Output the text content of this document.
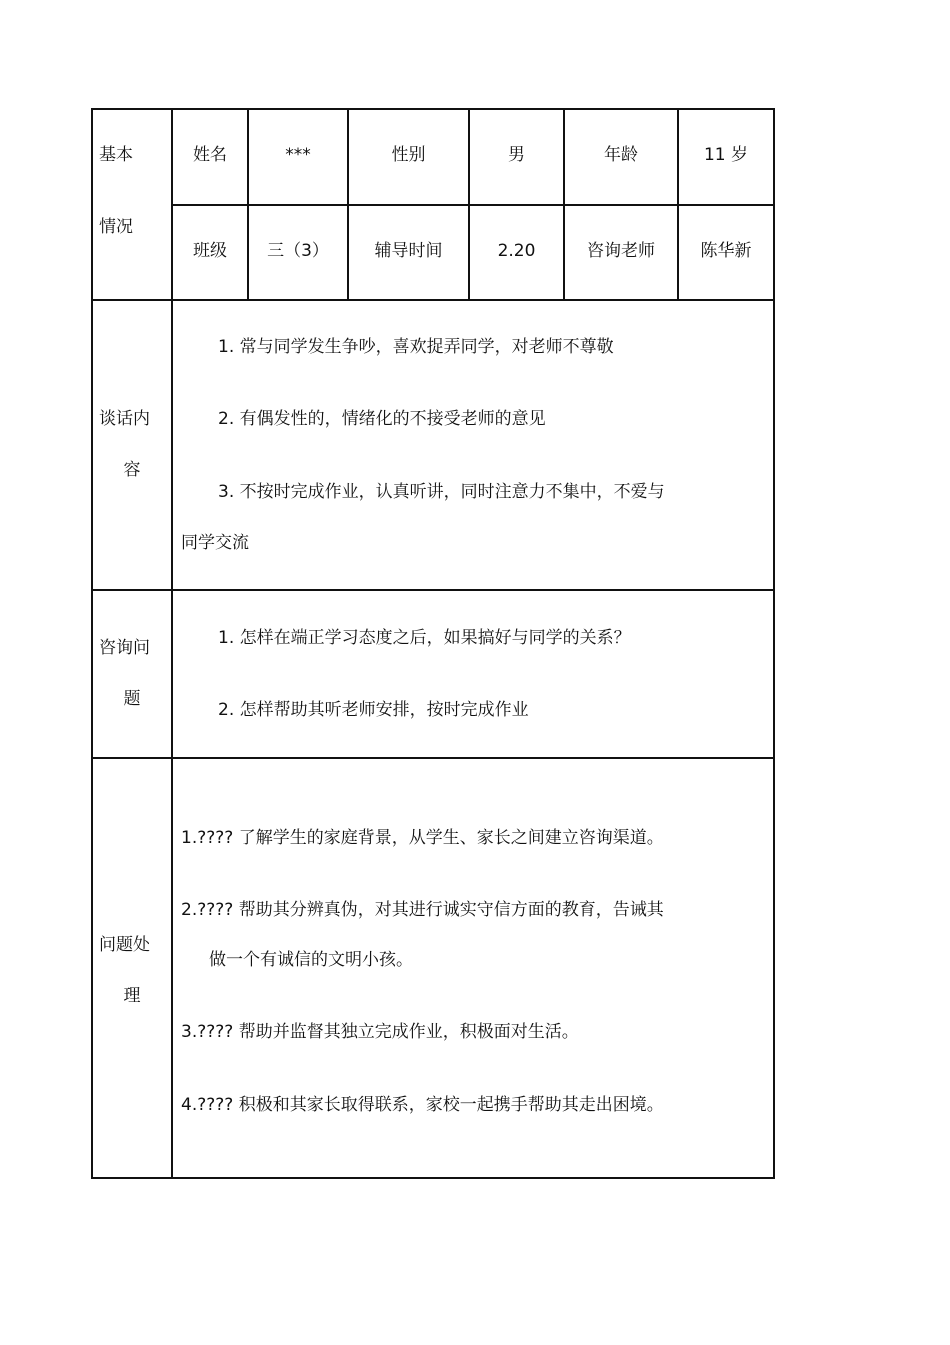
基本
情况
姓名	***	性别	男	年龄	11 岁
班级	三（3）	辅导时间	2.20	咨询老师	陈华新
谈话内
容
1. 常与同学发生争吵，喜欢捉弄同学，对老师不尊敬
2. 有偶发性的，情绪化的不接受老师的意见
3. 不按时完成作业，认真听讲，同时注意力不集中，不爱与
同学交流
咨询问
题
1. 怎样在端正学习态度之后，如果搞好与同学的关系？
2. 怎样帮助其听老师安排，按时完成作业
问题处
理
1.???? 了解学生的家庭背景，从学生、家长之间建立咨询渠道。
2.???? 帮助其分辨真伪，对其进行诚实守信方面的教育，告诫其
做一个有诚信的文明小孩。
3.???? 帮助并监督其独立完成作业，积极面对生活。
4.???? 积极和其家长取得联系，家校一起携手帮助其走出困境。
